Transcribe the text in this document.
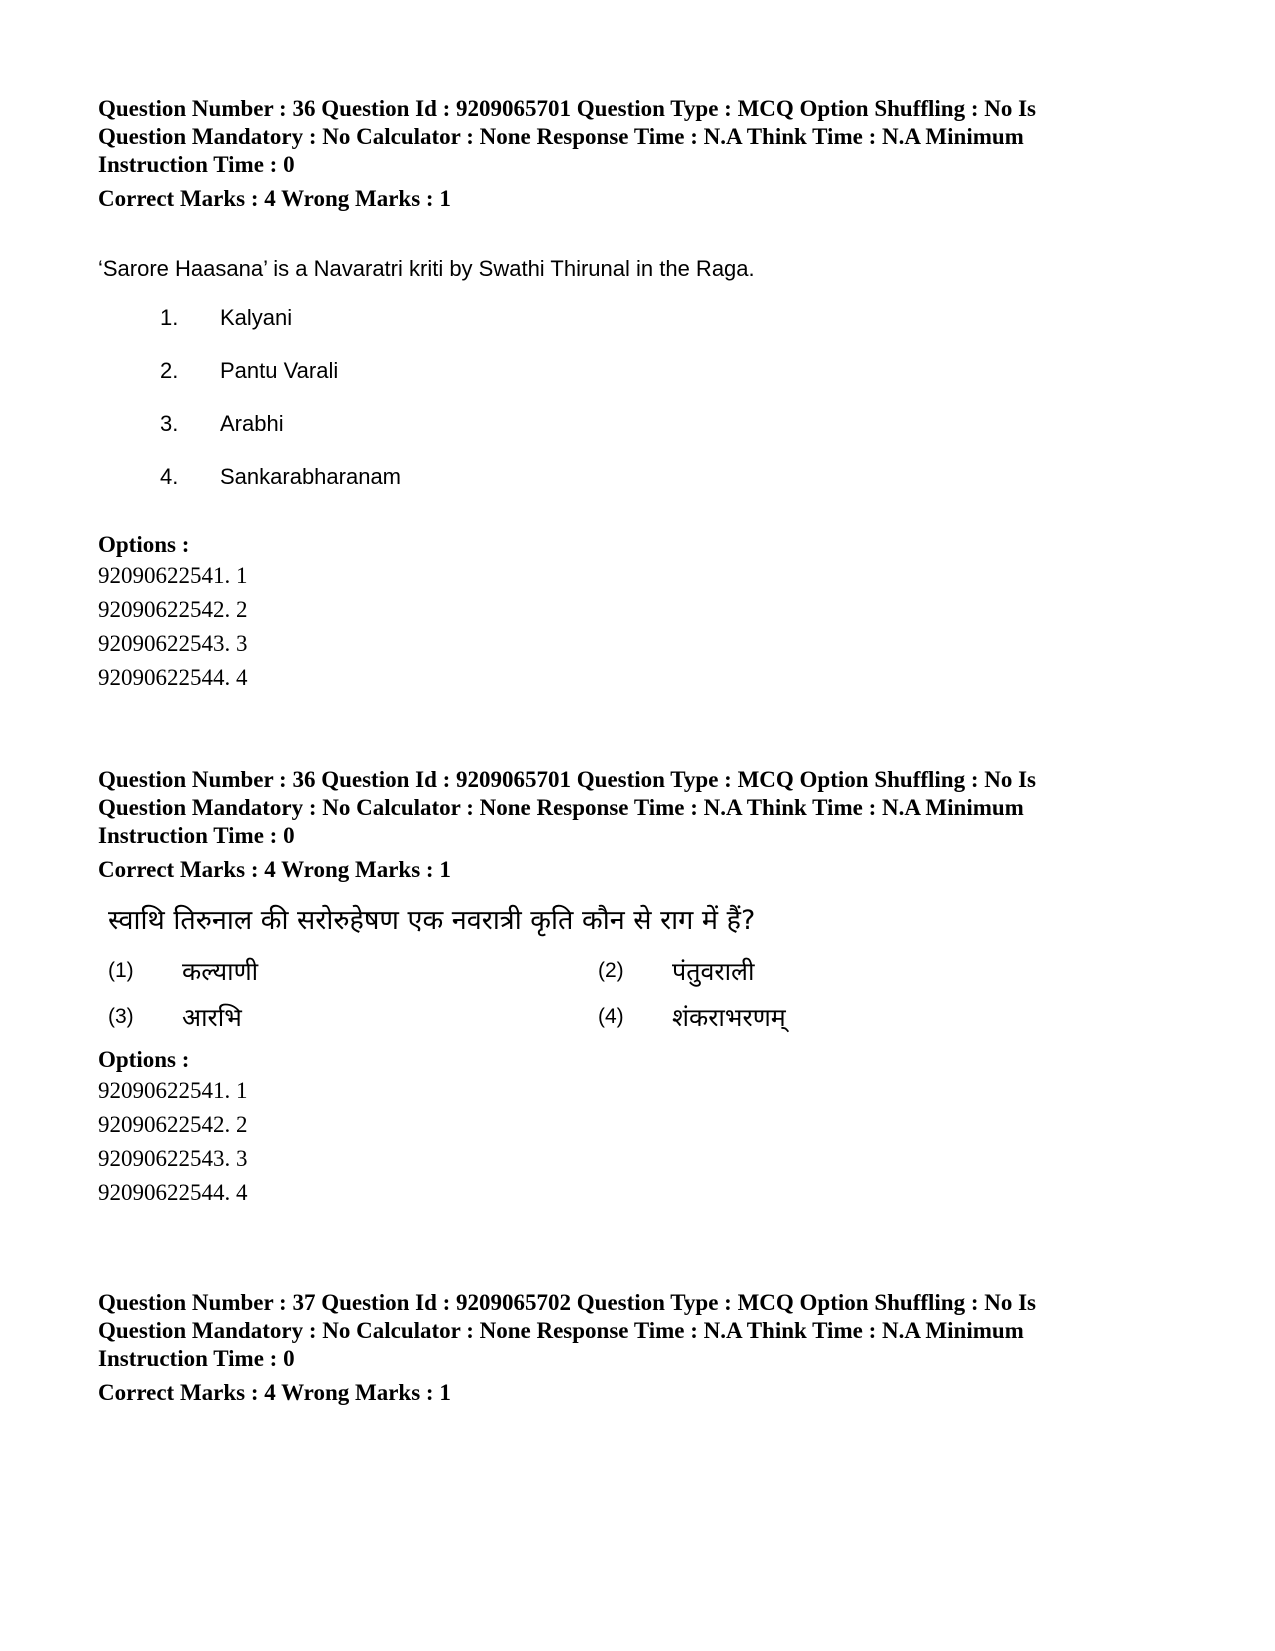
Question Number : 36 Question Id : 9209065701 Question Type : MCQ Option Shuffling : No Is

Question Mandatory : No Calculator : None Response Time : N.A Think Time : N.A Minimum

Instruction Time : 0

Correct Marks : 4 Wrong Marks : 1

‘Sarore Haasana’ is a Navaratri kriti by Swathi Thirunal in the Raga.

1.	Kalyani
2.	Pantu Varali
3.	Arabhi
4.	Sankarabharanam

Options :

92090622541. 1

92090622542. 2

92090622543. 3

92090622544. 4

Question Number : 36 Question Id : 9209065701 Question Type : MCQ Option Shuffling : No Is

Question Mandatory : No Calculator : None Response Time : N.A Think Time : N.A Minimum

Instruction Time : 0

Correct Marks : 4 Wrong Marks : 1

स्वाथि तिरुनाल की सरोरुहेषण एक नवरात्री कृति कौन से राग में हैं?

(1)	कल्याणी	(2)	पंतुवराली
(3)	आरभि	(4)	शंकराभरणम्

Options :

92090622541. 1

92090622542. 2

92090622543. 3

92090622544. 4

Question Number : 37 Question Id : 9209065702 Question Type : MCQ Option Shuffling : No Is

Question Mandatory : No Calculator : None Response Time : N.A Think Time : N.A Minimum

Instruction Time : 0

Correct Marks : 4 Wrong Marks : 1
